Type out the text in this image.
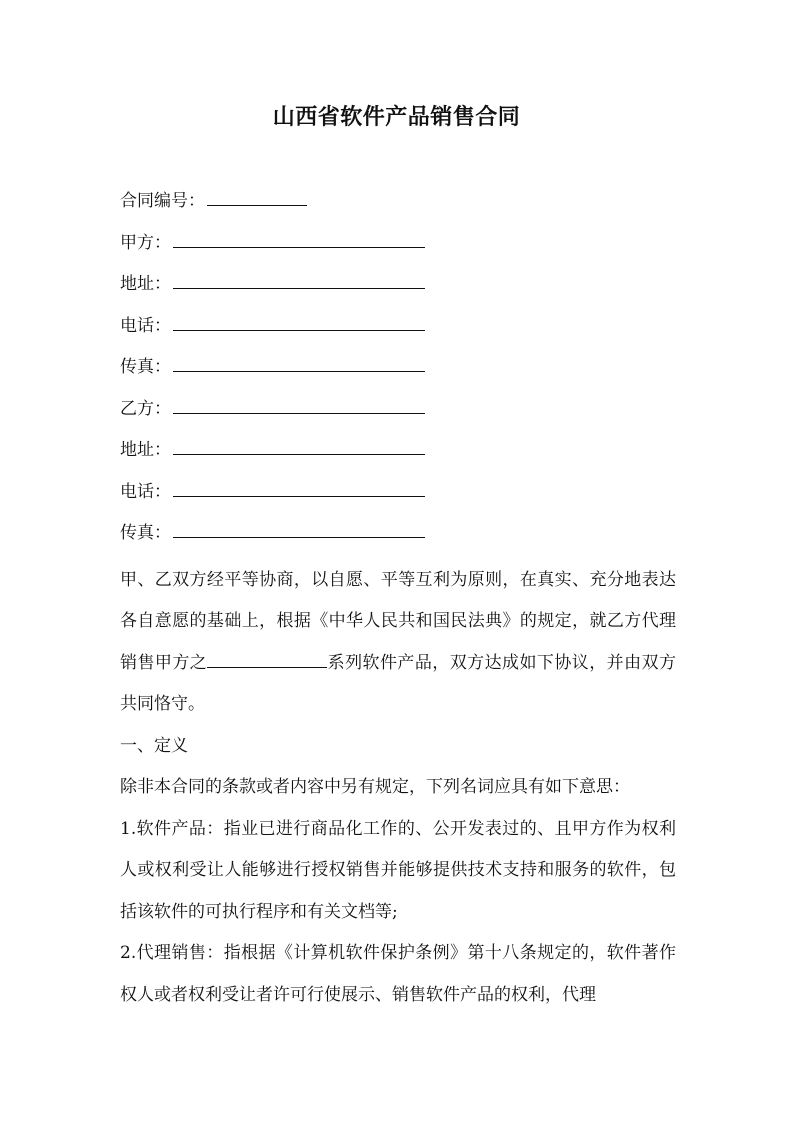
山西省软件产品销售合同
合同编号：
甲方：
地址：
电话：
传真：
乙方：
地址：
电话：
传真：

甲、乙双方经平等协商，以自愿、平等互利为原则，在真实、充分地表达各自意愿的基础上，根据《中华人民共和国民法典》的规定，就乙方代理销售甲方之	系列软件产品，双方达成如下协议，并由双方共同恪守。

一、定义

除非本合同的条款或者内容中另有规定，下列名词应具有如下意思：

1.软件产品：指业已进行商品化工作的、公开发表过的、且甲方作为权利人或权利受让人能够进行授权销售并能够提供技术支持和服务的软件，包括该软件的可执行程序和有关文档等;

2.代理销售：指根据《计算机软件保护条例》第十八条规定的，软件著作权人或者权利受让者许可行使展示、销售软件产品的权利，代理
